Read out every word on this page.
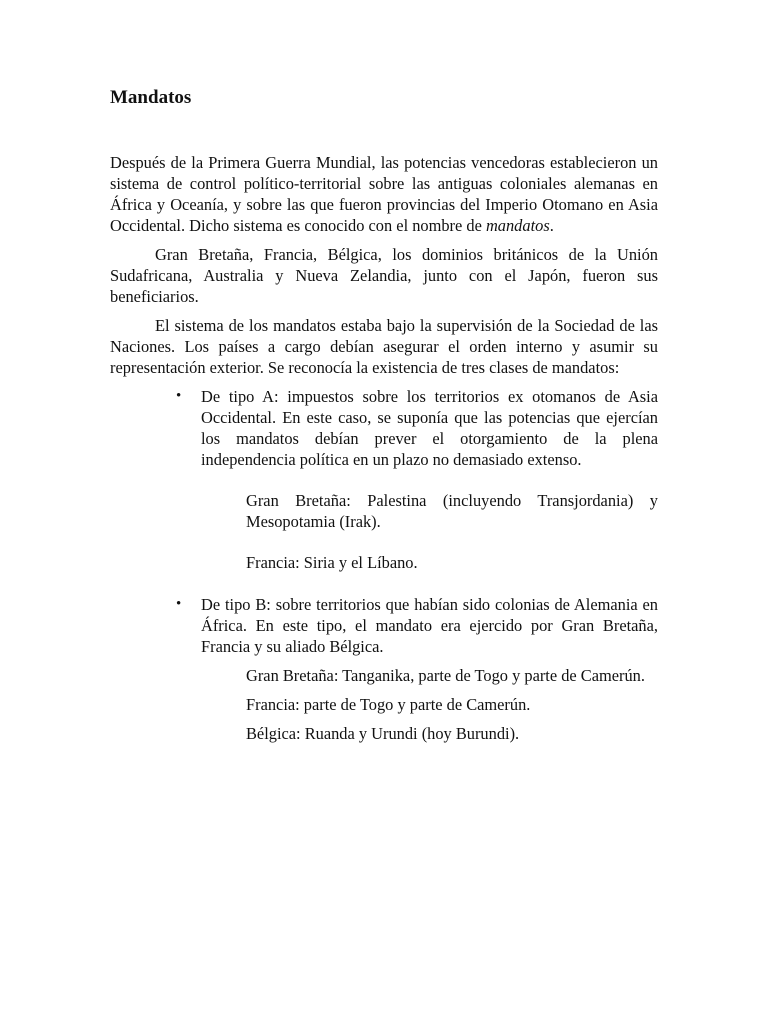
Mandatos

Después de la Primera Guerra Mundial, las potencias vencedoras establecieron un sistema de control político-territorial sobre las antiguas coloniales alemanas en África y Oceanía, y sobre las que fueron provincias del Imperio Otomano en Asia Occidental. Dicho sistema es conocido con el nombre de mandatos.

Gran Bretaña, Francia, Bélgica, los dominios británicos de la Unión Sudafricana, Australia y Nueva Zelandia, junto con el Japón, fueron sus beneficiarios.

El sistema de los mandatos estaba bajo la supervisión de la Sociedad de las Naciones. Los países a cargo debían asegurar el orden interno y asumir su representación exterior. Se reconocía la existencia de tres clases de mandatos:

• De tipo A: impuestos sobre los territorios ex otomanos de Asia Occidental. En este caso, se suponía que las potencias que ejercían los mandatos debían prever el otorgamiento de la plena independencia política en un plazo no demasiado extenso.
Gran Bretaña: Palestina (incluyendo Transjordania) y Mesopotamia (Irak).
Francia: Siria y el Líbano.
• De tipo B: sobre territorios que habían sido colonias de Alemania en África. En este tipo, el mandato era ejercido por Gran Bretaña, Francia y su aliado Bélgica.
Gran Bretaña: Tanganika, parte de Togo y parte de Camerún.
Francia: parte de Togo y parte de Camerún.
Bélgica: Ruanda y Urundi (hoy Burundi).
